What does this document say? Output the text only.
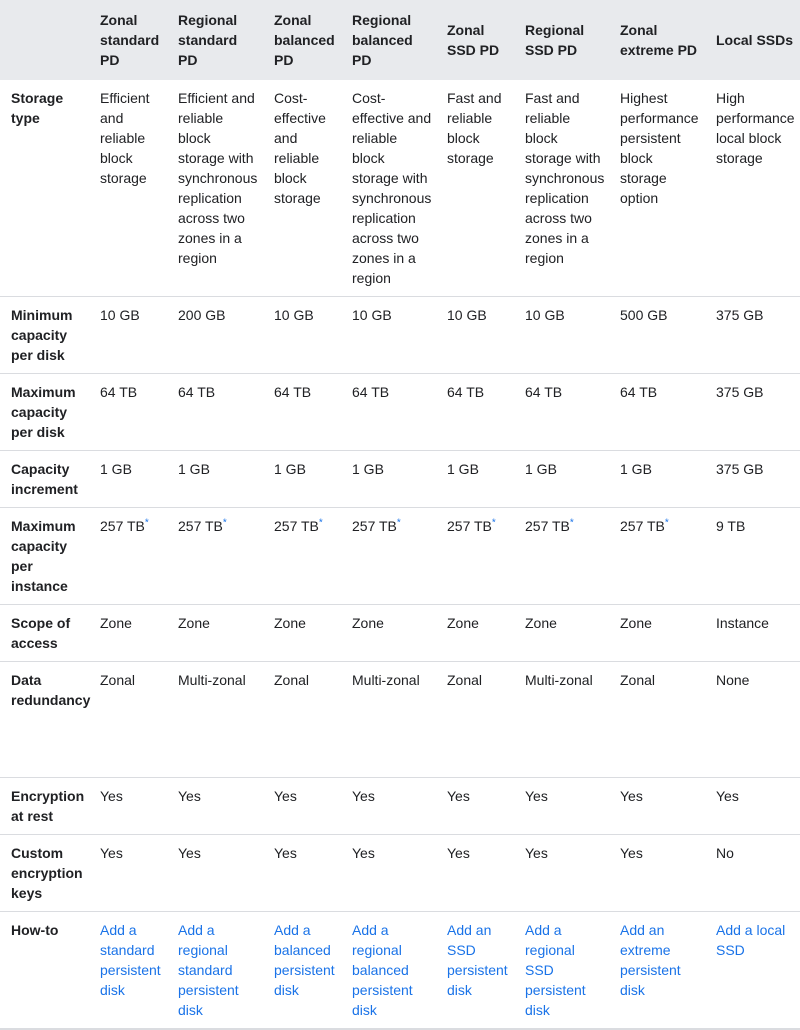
	Zonal standard PD	Regional standard PD	Zonal balanced PD	Regional balanced PD	Zonal SSD PD	Regional SSD PD	Zonal extreme PD	Local SSDs

Storage type	Efficient and reliable block storage	Efficient and reliable block storage with synchronous replication across two zones in a region	Cost-effective and reliable block storage	Cost-effective and reliable block storage with synchronous replication across two zones in a region	Fast and reliable block storage	Fast and reliable block storage with synchronous replication across two zones in a region	Highest performance persistent block storage option	High performance local block storage

Minimum capacity per disk	10 GB	200 GB	10 GB	10 GB	10 GB	10 GB	500 GB	375 GB

Maximum capacity per disk	64 TB	64 TB	64 TB	64 TB	64 TB	64 TB	64 TB	375 GB

Capacity increment	1 GB	1 GB	1 GB	1 GB	1 GB	1 GB	1 GB	375 GB

Maximum capacity per instance	257 TB*	257 TB*	257 TB*	257 TB*	257 TB*	257 TB*	257 TB*	9 TB

Scope of access	Zone	Zone	Zone	Zone	Zone	Zone	Zone	Instance

Data redundancy	Zonal	Multi-zonal	Zonal	Multi-zonal	Zonal	Multi-zonal	Zonal	None

Encryption at rest	Yes	Yes	Yes	Yes	Yes	Yes	Yes	Yes

Custom encryption keys	Yes	Yes	Yes	Yes	Yes	Yes	Yes	No

How-to	Add a standard persistent disk	Add a regional standard persistent disk	Add a balanced persistent disk	Add a regional balanced persistent disk	Add an SSD persistent disk	Add a regional SSD persistent disk	Add an extreme persistent disk	Add a local SSD
